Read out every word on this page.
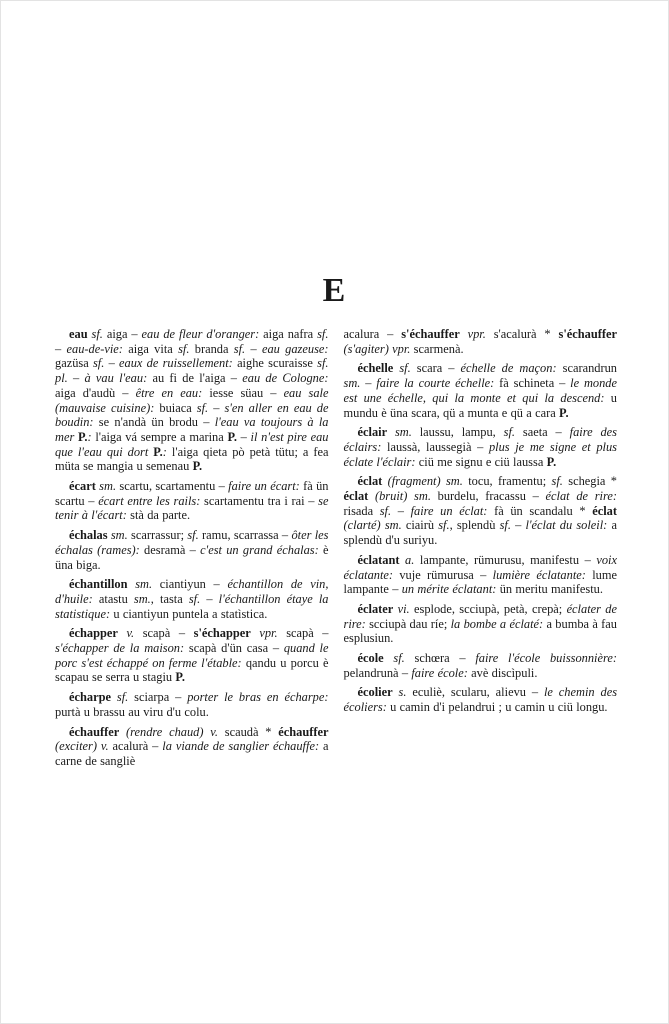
E

eau sf. aiga – eau de fleur d'oranger: aiga nafra sf. – eau-de-vie: aiga vita sf. branda sf. – eau gazeuse: gazüsa sf. – eaux de ruissellement: aighe scuraisse sf. pl. – à vau l'eau: au fi de l'aiga – eau de Cologne: aiga d'audù – être en eau: iesse süau – eau sale (mauvaise cuisine): buiaca sf. – s'en aller en eau de boudin: se n'andà ün brodu – l'eau va toujours à la mer P.: l'aiga vá sempre a marina P. – il n'est pire eau que l'eau qui dort P.: l'aiga qieta pò petà tütu; a fea müta se mangia u semenau P.

écart sm. scartu, scartamentu – faire un écart: fà ün scartu – écart entre les rails: scartamentu tra i rai – se tenir à l'écart: stà da parte.

échalas sm. scarrassur; sf. ramu, scarrassa – ôter les échalas (rames): desramà – c'est un grand échalas: è üna biga.

échantillon sm. ciantiyun – échantillon de vin, d'huile: atastu sm., tasta sf. – l'échantillon étaye la statistique: u ciantiyun puntela a statìstica.

échapper v. scapà – s'échapper vpr. scapà – s'échapper de la maison: scapà d'ün casa – quand le porc s'est échappé on ferme l'étable: qandu u porcu è scapau se serra u stagiu P.

écharpe sf. sciarpa – porter le bras en écharpe: purtà u brassu au viru d'u colu.

échauffer (rendre chaud) v. scaudà * échauffer (exciter) v. acalurà – la viande de sanglier échauffe: a carne de sangliè

acalura – s'échauffer vpr. s'acalurà * s'échauffer (s'agiter) vpr. scarmenà.

échelle sf. scara – échelle de maçon: scarandrun sm. – faire la courte échelle: fà schineta – le monde est une échelle, qui la monte et qui la descend: u mundu è üna scara, qü a munta e qü a cara P.

éclair sm. laussu, lampu, sf. saeta – faire des éclairs: laussà, laussegià – plus je me signe et plus éclate l'éclair: ciü me signu e ciü laussa P.

éclat (fragment) sm. tocu, framentu; sf. schegia * éclat (bruit) sm. burdelu, fracassu – éclat de rire: risada sf. – faire un éclat: fà ün scandalu * éclat (clarté) sm. ciairù sf., splendù sf. – l'éclat du soleil: a splendù d'u suriyu.

éclatant a. lampante, rümurusu, manifestu – voix éclatante: vuje rümurusa – lumière éclatante: lume lampante – un mérite éclatant: ün meritu manifestu.

éclater vi. esplode, scciupà, petà, crepà; éclater de rire: scciupà dau ríe; la bombe a éclaté: a bumba à fau esplusiun.

école sf. schœra – faire l'école buissonnière: pelandrunà – faire école: avè discìpuli.

écolier s. eculiè, scularu, alievu – le chemin des écoliers: u camin d'i pelandrui ; u camin u ciü longu.
